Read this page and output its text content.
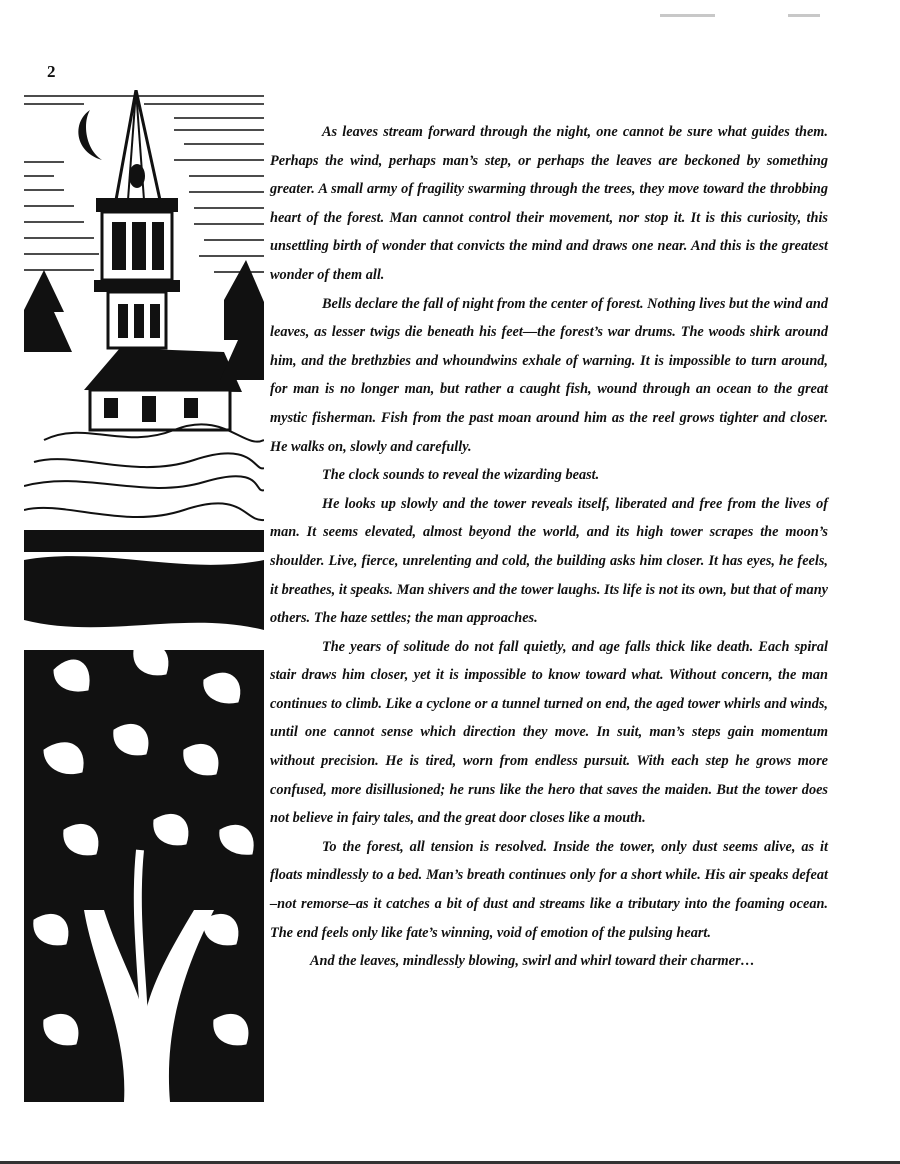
2

As leaves stream forward through the night, one cannot be sure what guides them. Perhaps the wind, perhaps man’s step, or perhaps the leaves are beckoned by something greater. A small army of fragility swarming through the trees, they move toward the throbbing heart of the forest. Man cannot control their movement, nor stop it. It is this curiosity, this unsettling birth of wonder that convicts the mind and draws one near. And this is the greatest wonder of them all.

Bells declare the fall of night from the center of forest. Nothing lives but the wind and leaves, as lesser twigs die beneath his feet—the forest’s war drums. The woods shirk around him, and the brethzbies and whoundwins exhale of warning. It is impossible to turn around, for man is no longer man, but rather a caught fish, wound through an ocean to the great mystic fisherman. Fish from the past moan around him as the reel grows tighter and closer. He walks on, slowly and carefully.

The clock sounds to reveal the wizarding beast.

He looks up slowly and the tower reveals itself, liberated and free from the lives of man. It seems elevated, almost beyond the world, and its high tower scrapes the moon’s shoulder. Live, fierce, unrelenting and cold, the building asks him closer. It has eyes, he feels, it breathes, it speaks. Man shivers and the tower laughs. Its life is not its own, but that of many others. The haze settles; the man approaches.

The years of solitude do not fall quietly, and age falls thick like death. Each spiral stair draws him closer, yet it is impossible to know toward what. Without concern, the man continues to climb. Like a cyclone or a tunnel turned on end, the aged tower whirls and winds, until one cannot sense which direction they move. In suit, man’s steps gain momentum without precision. He is tired, worn from endless pursuit. With each step he grows more confused, more disillusioned; he runs like the hero that saves the maiden. But the tower does not believe in fairy tales, and the great door closes like a mouth.

To the forest, all tension is resolved. Inside the tower, only dust seems alive, as it floats mindlessly to a bed. Man’s breath continues only for a short while. His air speaks defeat –not remorse–as it catches a bit of dust and streams like a tributary into the foaming ocean. The end feels only like fate’s winning, void of emotion of the pulsing heart.

And the leaves, mindlessly blowing, swirl and whirl toward their charmer…
